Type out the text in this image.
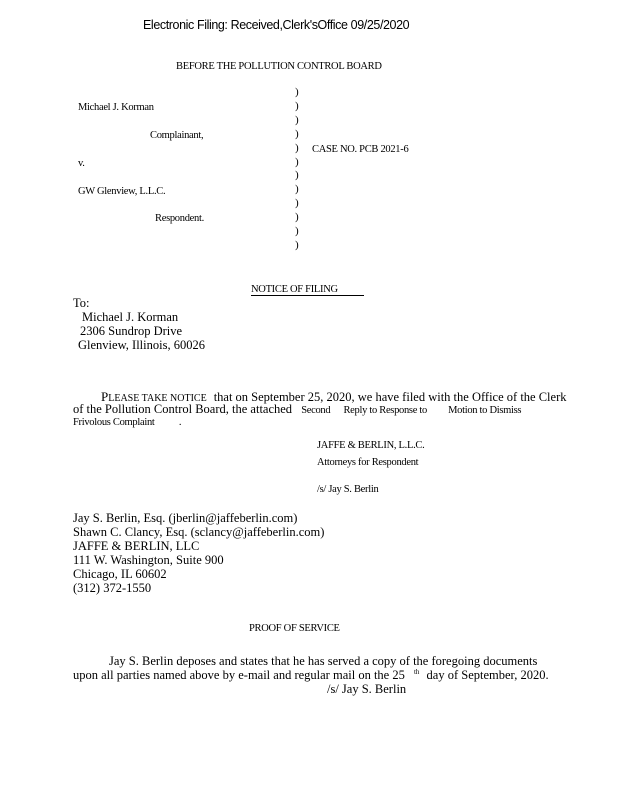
Electronic Filing: Received,Clerk'sOffice 09/25/2020
BEFORE THE POLLUTION CONTROL BOARD
Michael J. Korman
Complainant,
v.
GW Glenview, L.L.C.
Respondent.
)
)
)
)
)
)
)
)
)
)
)
)
CASE NO. PCB 2021-6
NOTICE OF FILING
To:
Michael J. Korman
2306 Sundrop Drive
Glenview, Illinois, 60026
PLEASE TAKE NOTICE that on September 25, 2020, we have filed with the Office of the Clerk
of the Pollution Control Board, the attached Second Reply to Response to Motion to Dismiss
Frivolous Complaint .
JAFFE & BERLIN, L.L.C.
Attorneys for Respondent
/s/ Jay S. Berlin
Jay S. Berlin, Esq. (jberlin@jaffeberlin.com)
Shawn C. Clancy, Esq. (sclancy@jaffeberlin.com)
JAFFE & BERLIN, LLC
111 W. Washington, Suite 900
Chicago, IL 60602
(312) 372-1550
PROOF OF SERVICE
Jay S. Berlin deposes and states that he has served a copy of the foregoing documents
upon all parties named above by e-mail and regular mail on the 25 $^{th}$ day of September, 2020.
/s/ Jay S. Berlin
